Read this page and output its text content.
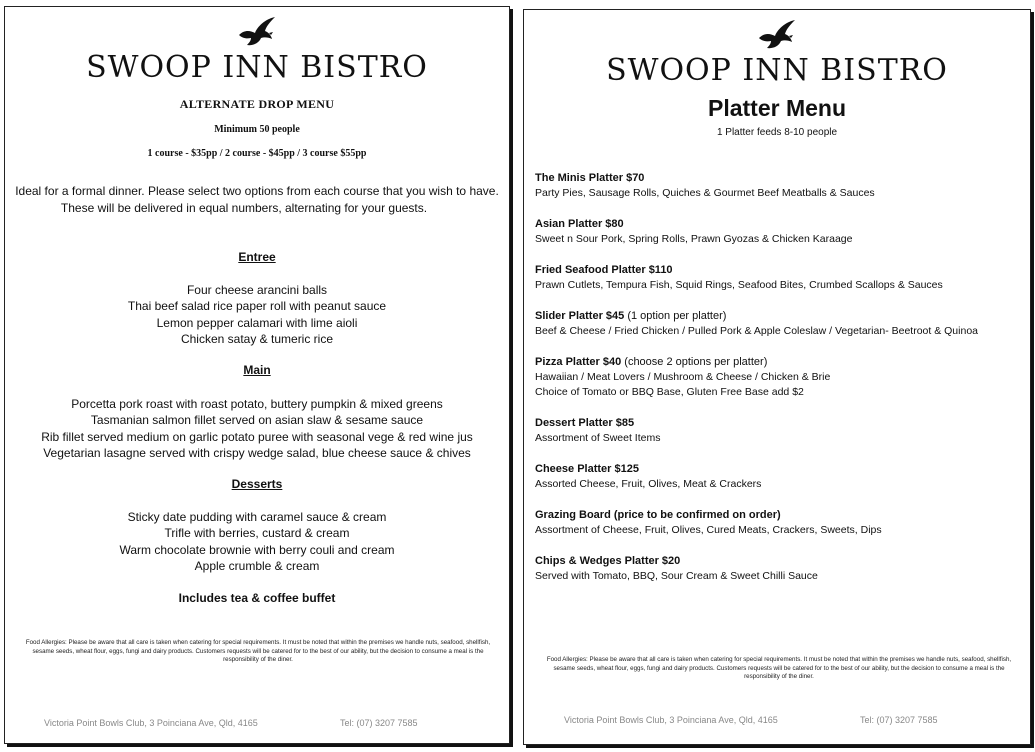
SWOOP INN BISTRO
ALTERNATE DROP MENU
Minimum 50 people
1 course - $35pp / 2 course - $45pp / 3 course $55pp
Ideal for a formal dinner. Please select two options from each course that you wish to have.
These will be delivered in equal numbers, alternating for your guests.
Entree
Four cheese arancini balls
Thai beef salad rice paper roll with peanut sauce
Lemon pepper calamari with lime aioli
Chicken satay & tumeric rice
Main
Porcetta pork roast with roast potato, buttery pumpkin & mixed greens
Tasmanian salmon fillet served on asian slaw & sesame sauce
Rib fillet served medium on garlic potato puree with seasonal vege & red wine jus
Vegetarian lasagne served with crispy wedge salad, blue cheese sauce & chives
Desserts
Sticky date pudding with caramel sauce & cream
Trifle with berries, custard & cream
Warm chocolate brownie with berry couli and cream
Apple crumble & cream
Includes tea & coffee buffet
Food Allergies: Please be aware that all care is taken when catering for special requirements. It must be noted that within the premises we handle nuts, seafood, shellfish, sesame seeds, wheat flour, eggs, fungi and dairy products. Customers requests will be catered for to the best of our ability, but the decision to consume a meal is the responsibility of the diner.
Victoria Point Bowls Club, 3 Poinciana Ave, Qld, 4165	Tel: (07) 3207 7585
SWOOP INN BISTRO
Platter Menu
1 Platter feeds 8-10 people
The Minis Platter $70
Party Pies, Sausage Rolls, Quiches & Gourmet Beef Meatballs & Sauces
Asian Platter $80
Sweet n Sour Pork, Spring Rolls, Prawn Gyozas & Chicken Karaage
Fried Seafood Platter $110
Prawn Cutlets, Tempura Fish, Squid Rings, Seafood Bites, Crumbed Scallops & Sauces
Slider Platter $45 (1 option per platter)
Beef & Cheese / Fried Chicken / Pulled Pork & Apple Coleslaw / Vegetarian- Beetroot & Quinoa
Pizza Platter $40 (choose 2 options per platter)
Hawaiian / Meat Lovers / Mushroom & Cheese / Chicken & Brie
Choice of Tomato or BBQ Base, Gluten Free Base add $2
Dessert Platter $85
Assortment of Sweet Items
Cheese Platter $125
Assorted Cheese, Fruit, Olives, Meat & Crackers
Grazing Board (price to be confirmed on order)
Assortment of Cheese, Fruit, Olives, Cured Meats, Crackers, Sweets, Dips
Chips & Wedges Platter $20
Served with Tomato, BBQ, Sour Cream & Sweet Chilli Sauce
Food Allergies: Please be aware that all care is taken when catering for special requirements. It must be noted that within the premises we handle nuts, seafood, shellfish, sesame seeds, wheat flour, eggs, fungi and dairy products. Customers requests will be catered for to the best of our ability, but the decision to consume a meal is the responsibility of the diner.
Victoria Point Bowls Club, 3 Poinciana Ave, Qld, 4165	Tel: (07) 3207 7585
